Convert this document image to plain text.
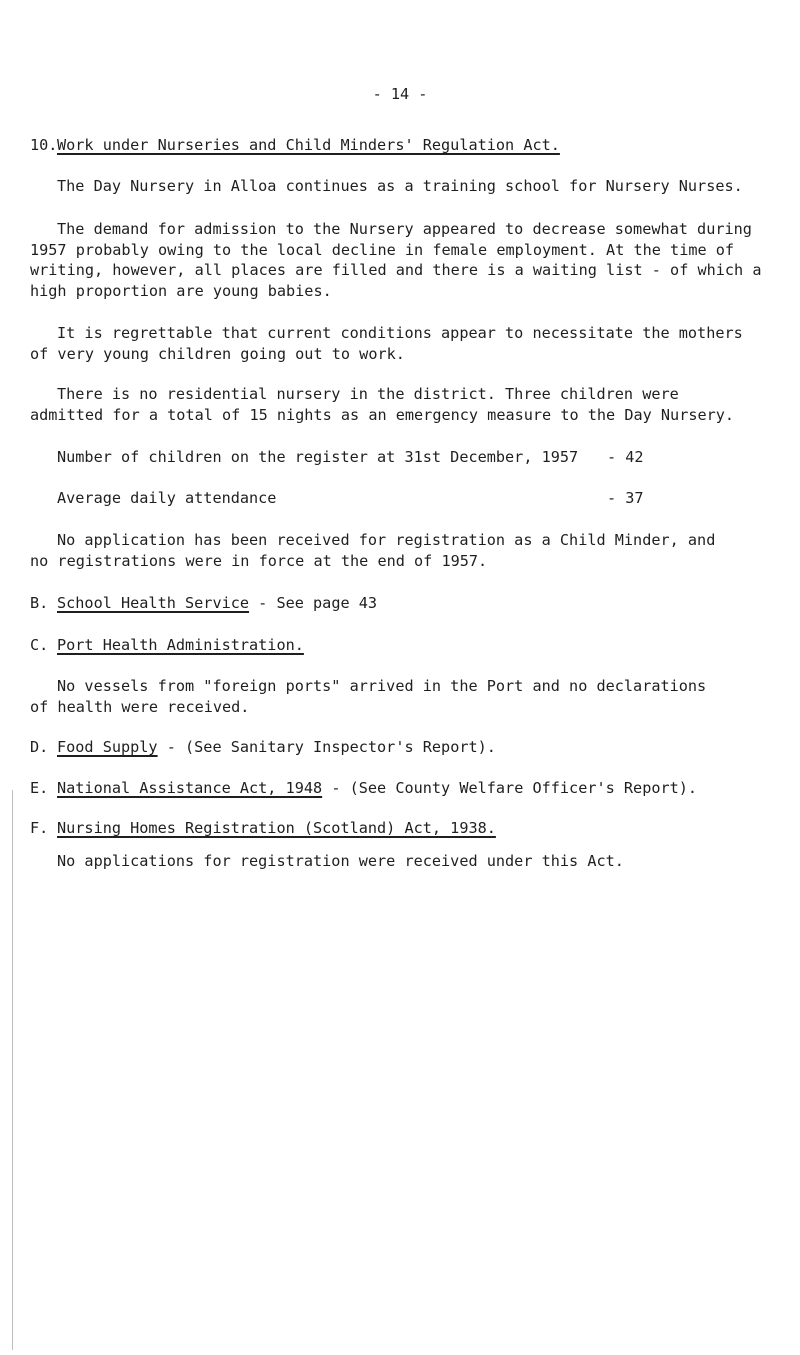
- 14 -

10.Work under Nurseries and Child Minders' Regulation Act.

The Day Nursery in Alloa continues as a training school for Nursery Nurses.

The demand for admission to the Nursery appeared to decrease somewhat during
1957 probably owing to the local decline in female employment. At the time of
writing, however, all places are filled and there is a waiting list - of which a
high proportion are young babies.

It is regrettable that current conditions appear to necessitate the mothers
of very young children going out to work.

There is no residential nursery in the district. Three children were
admitted for a total of 15 nights as an emergency measure to the Day Nursery.

Number of children on the register at 31st December, 1957 - 42
Average daily attendance	- 37

No application has been received for registration as a Child Minder, and
no registrations were in force at the end of 1957.

B. School Health Service - See page 43

C. Port Health Administration.

No vessels from "foreign ports" arrived in the Port and no declarations
of health were received.

D. Food Supply - (See Sanitary Inspector's Report).

E. National Assistance Act, 1948 - (See County Welfare Officer's Report).

F. Nursing Homes Registration (Scotland) Act, 1938.

No applications for registration were received under this Act.
